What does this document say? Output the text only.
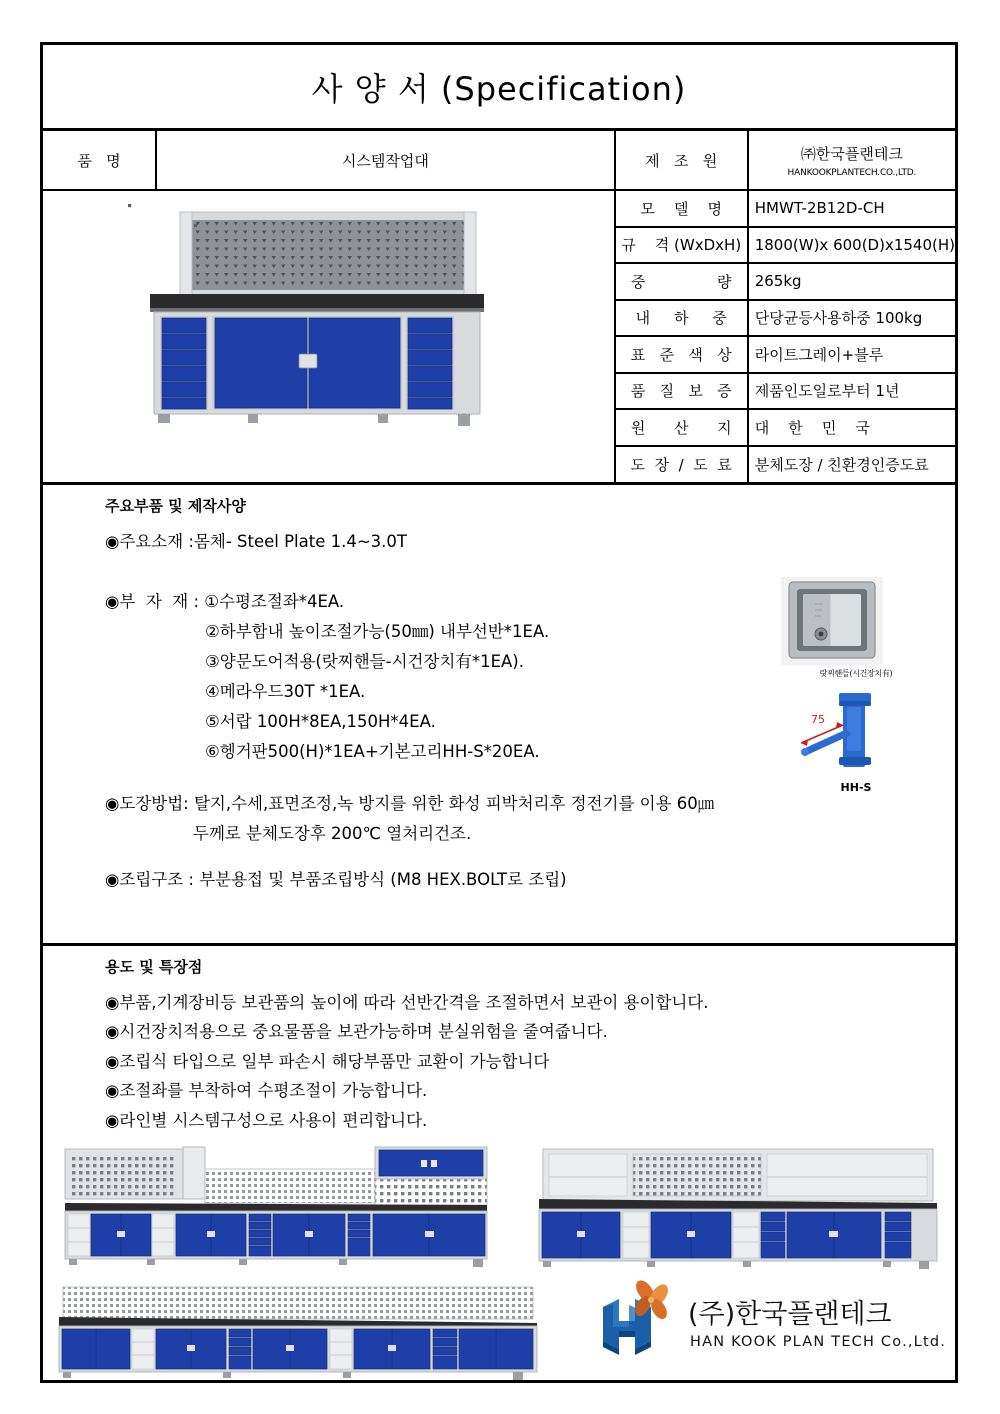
사 양 서 (Specification)
품   명	시스템작업대	제   조   원	㈜한국플랜테크
HANKOOKPLANTECH.CO.,LTD.
모    델    명	HMWT-2B12D-CH
규    격 (WxDxH) 1800(W)x 600(D)x1540(H)
중               량	265kg
내     하     중	단당균등사용하중 100kg
표   준   색   상	라이트그레이+블루
품   질   보   증	제품인도일로부터 1년
원      산      지	대    한    민    국
도  장  /  도  료	분체도장 / 친환경인증도료
주요부품 및 제작사양
◉주요소재 :몸체- Steel Plate 1.4~3.0T
◉부  자  재 : ①수평조절좌*4EA.
②하부함내 높이조절가능(50㎜) 내부선반*1EA.
③양문도어적용(랏찌핸들-시건장치有*1EA).
④메라우드30T *1EA.
⑤서랍 100H*8EA,150H*4EA.
⑥헹거판500(H)*1EA+기본고리HH-S*20EA.
◉도장방법: 탈지,수세,표면조정,녹 방지를 위한 화성 피박처리후 정전기를 이용 60㎛
두께로 분체도장후 200℃ 열처리건조.
◉조립구조 : 부분용접 및 부품조립방식 (M8 HEX.BOLT로 조립)
랏찌핸들(시건장치有)
75
HH-S
용도 및 특장점
◉부품,기계장비등 보관품의 높이에 따라 선반간격을 조절하면서 보관이 용이합니다.
◉시건장치적용으로 중요물품을 보관가능하며 분실위험을 줄여줍니다.
◉조립식 타입으로 일부 파손시 해당부품만 교환이 가능합니다
◉조절좌를 부착하여 수평조절이 가능합니다.
◉라인별 시스템구성으로 사용이 편리합니다.
(주)한국플랜테크
HAN KOOK PLAN TECH Co.,Ltd.
